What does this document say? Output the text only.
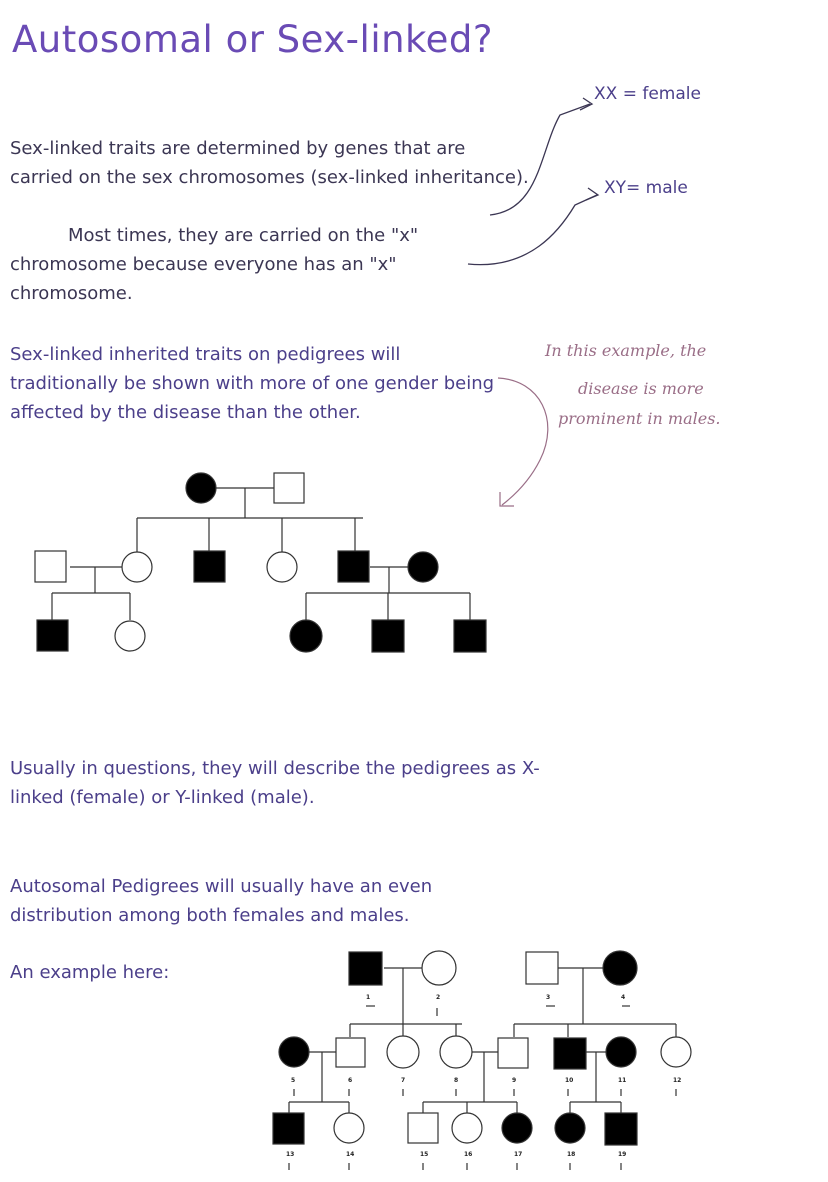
Autosomal or Sex-linked?
Sex-linked traits are determined by genes that are carried on the sex chromosomes (sex-linked inheritance).
Most times, they are carried on the "x"
chromosome because everyone has an "x" chromosome.
XX = female
XY= male
Sex-linked inherited traits on pedigrees will traditionally be shown with more of one gender being affected by the disease than the other.
In this example, the
disease is more
prominent in males.
Usually in questions, they will describe the pedigrees as X-linked (female) or Y-linked (male).
Autosomal Pedigrees will usually have an even distribution among both females and males.
An example here:
1	2	3	4
5	6	7	8	9	10	11	12
13	14	15	16	17	18	19
